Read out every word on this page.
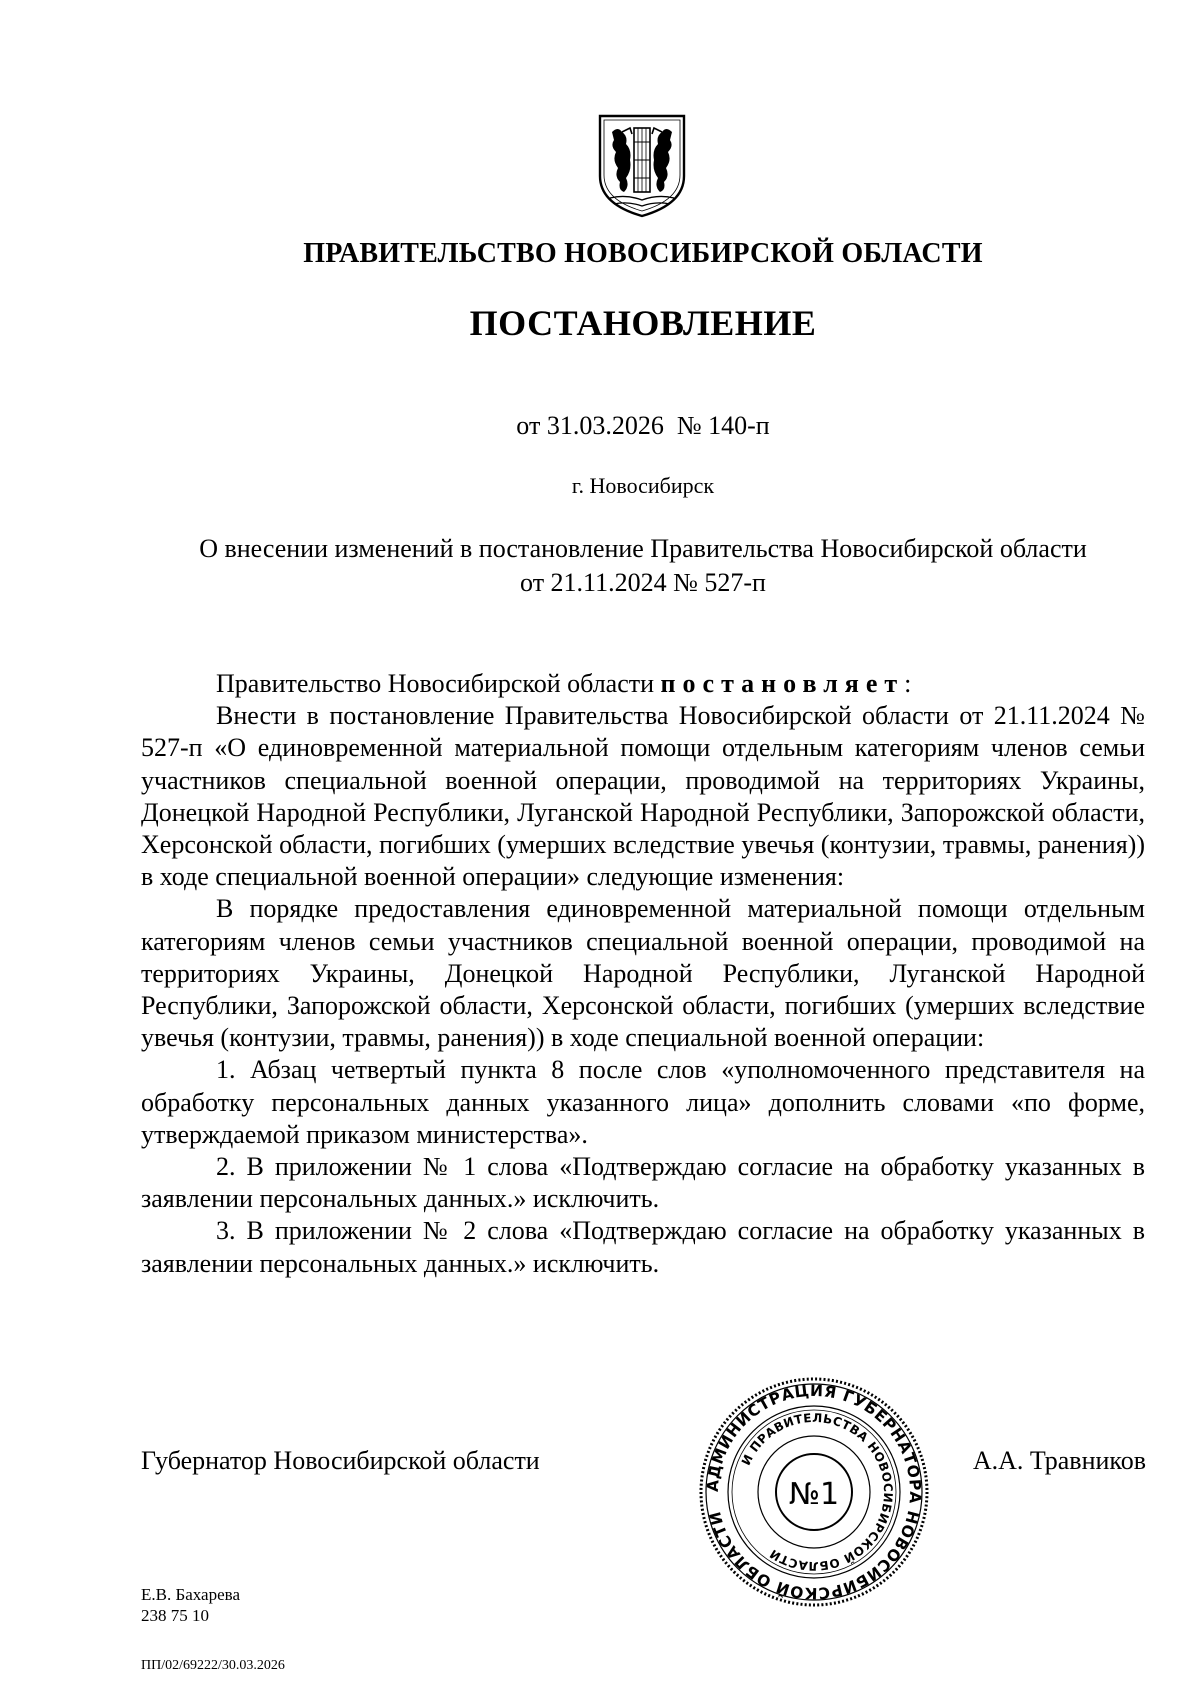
ПРАВИТЕЛЬСТВО НОВОСИБИРСКОЙ ОБЛАСТИ
ПОСТАНОВЛЕНИЕ
от 31.03.2026  № 140-п
г. Новосибирск
О внесении изменений в постановление Правительства Новосибирской области
от 21.11.2024 № 527-п

Правительство Новосибирской области постановляет:

Внести в постановление Правительства Новосибирской области от 21.11.2024 № 527-п «О единовременной материальной помощи отдельным категориям членов семьи участников специальной военной операции, проводимой на территориях Украины, Донецкой Народной Республики, Луганской Народной Республики, Запорожской области, Херсонской области, погибших (умерших вследствие увечья (контузии, травмы, ранения)) в ходе специальной военной операции» следующие изменения:

В порядке предоставления единовременной материальной помощи отдельным категориям членов семьи участников специальной военной операции, проводимой на территориях Украины, Донецкой Народной Республики, Луганской Народной Республики, Запорожской области, Херсонской области, погибших (умерших вследствие увечья (контузии, травмы, ранения)) в ходе специальной военной операции:

1. Абзац четвертый пункта 8 после слов «уполномоченного представителя на обработку персональных данных указанного лица» дополнить словами «по форме, утверждаемой приказом министерства».

2. В приложении № 1 слова «Подтверждаю согласие на обработку указанных в заявлении персональных данных.» исключить.

3. В приложении № 2 слова «Подтверждаю согласие на обработку указанных в заявлении персональных данных.» исключить.

Губернатор Новосибирской области
АДМИНИСТРАЦИЯ ГУБЕРНАТОРА НОВОСИБИРСКОЙ ОБЛАСТИ
И ПРАВИТЕЛЬСТВА НОВОСИБИРСКОЙ ОБЛАСТИ
№1
А.А. Травников
Е.В. Бахарева
238 75 10
ПП/02/69222/30.03.2026
